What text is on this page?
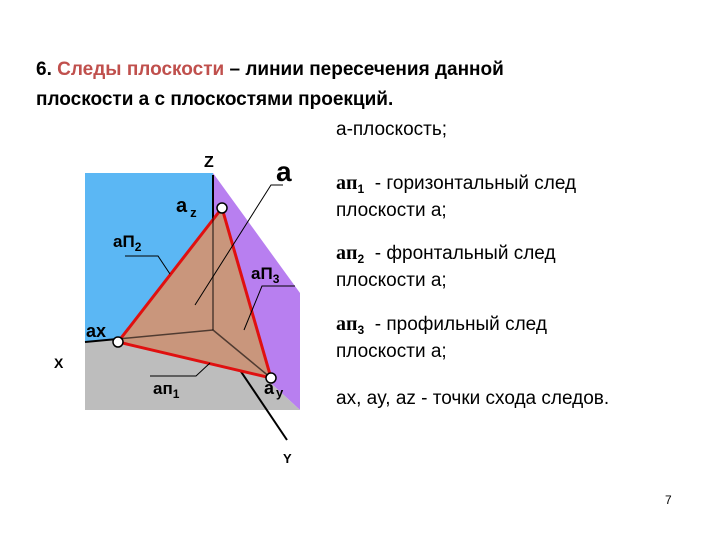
6. Следы плоскости – линии пересечения данной
плоскости a с плоскостями проекций.
Z
X
Y
a
a $_z$
ax
a y
$aп_1$
$aП_2$
$aП_3$
a-плоскость;
$aп_1$  - горизонтальный след
плоскости a;
$aп_2$  - фронтальный след
плоскости a;
$aп_3$  - профильный след
плоскости a;
ax, ay, az - точки схода следов.
7
